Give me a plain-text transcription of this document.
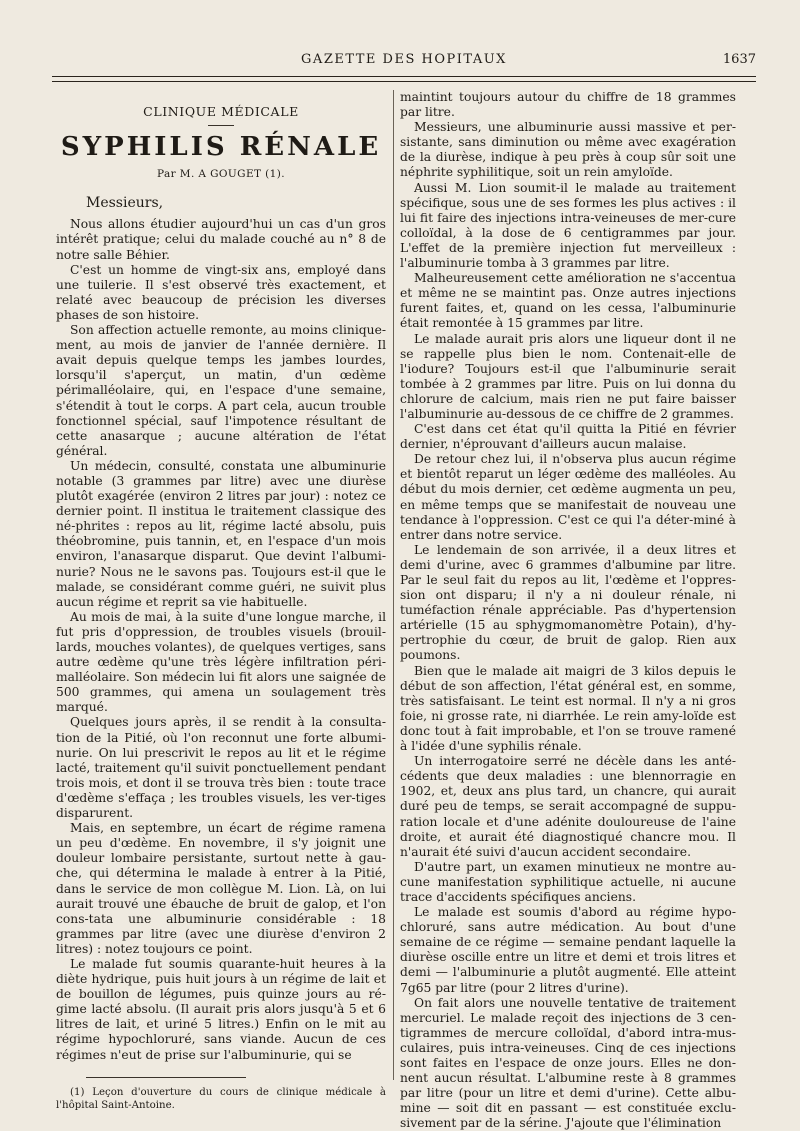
GAZETTE DES HOPITAUX	1637
CLINIQUE MÉDICALE
SYPHILIS RÉNALE
Par M. A GOUGET (1).
Messieurs,

Nous allons étudier aujourd'hui un cas d'un gros intérêt pratique; celui du malade couché au n° 8 de notre salle Béhier.

C'est un homme de vingt-six ans, employé dans une tuilerie. Il s'est observé très exactement, et relaté avec beaucoup de précision les diverses phases de son histoire.

Son affection actuelle remonte, au moins clinique-ment, au mois de janvier de l'année dernière. Il avait depuis quelque temps les jambes lourdes, lorsqu'il s'aperçut, un matin, d'un œdème périmalléolaire, qui, en l'espace d'une semaine, s'étendit à tout le corps. A part cela, aucun trouble fonctionnel spécial, sauf l'impotence résultant de cette anasarque ; aucune altération de l'état général.

Un médecin, consulté, constata une albuminurie notable (3 grammes par litre) avec une diurèse plutôt exagérée (environ 2 litres par jour) : notez ce dernier point. Il institua le traitement classique des né-phrites : repos au lit, régime lacté absolu, puis théobromine, puis tannin, et, en l'espace d'un mois environ, l'anasarque disparut. Que devint l'albumi-nurie? Nous ne le savons pas. Toujours est-il que le malade, se considérant comme guéri, ne suivit plus aucun régime et reprit sa vie habituelle.

Au mois de mai, à la suite d'une longue marche, il fut pris d'oppression, de troubles visuels (brouil-lards, mouches volantes), de quelques vertiges, sans autre œdème qu'une très légère infiltration péri-malléolaire. Son médecin lui fit alors une saignée de 500 grammes, qui amena un soulagement très marqué.

Quelques jours après, il se rendit à la consulta-tion de la Pitié, où l'on reconnut une forte albumi-nurie. On lui prescrivit le repos au lit et le régime lacté, traitement qu'il suivit ponctuellement pendant trois mois, et dont il se trouva très bien : toute trace d'œdème s'effaça ; les troubles visuels, les ver-tiges disparurent.

Mais, en septembre, un écart de régime ramena un peu d'œdème. En novembre, il s'y joignit une douleur lombaire persistante, surtout nette à gau-che, qui détermina le malade à entrer à la Pitié, dans le service de mon collègue M. Lion. Là, on lui aurait trouvé une ébauche de bruit de galop, et l'on cons-tata une albuminurie considérable : 18 grammes par litre (avec une diurèse d'environ 2 litres) : notez toujours ce point.

Le malade fut soumis quarante-huit heures à la diète hydrique, puis huit jours à un régime de lait et de bouillon de légumes, puis quinze jours au ré-gime lacté absolu. (Il aurait pris alors jusqu'à 5 et 6 litres de lait, et uriné 5 litres.) Enfin on le mit au régime hypochloruré, sans viande. Aucun de ces régimes n'eut de prise sur l'albuminurie, qui se

(1) Leçon d'ouverture du cours de clinique médicale à l'hôpital Saint-Antoine.

maintint toujours autour du chiffre de 18 grammes par litre.

Messieurs, une albuminurie aussi massive et per-sistante, sans diminution ou même avec exagération de la diurèse, indique à peu près à coup sûr soit une néphrite syphilitique, soit un rein amyloïde.

Aussi M. Lion soumit-il le malade au traitement spécifique, sous une de ses formes les plus actives : il lui fit faire des injections intra-veineuses de mer-cure colloïdal, à la dose de 6 centigrammes par jour. L'effet de la première injection fut merveilleux : l'albuminurie tomba à 3 grammes par litre.

Malheureusement cette amélioration ne s'accentua et même ne se maintint pas. Onze autres injections furent faites, et, quand on les cessa, l'albuminurie était remontée à 15 grammes par litre.

Le malade aurait pris alors une liqueur dont il ne se rappelle plus bien le nom. Contenait-elle de l'iodure? Toujours est-il que l'albuminurie serait tombée à 2 grammes par litre. Puis on lui donna du chlorure de calcium, mais rien ne put faire baisser l'albuminurie au-dessous de ce chiffre de 2 grammes.

C'est dans cet état qu'il quitta la Pitié en février dernier, n'éprouvant d'ailleurs aucun malaise.

De retour chez lui, il n'observa plus aucun régime et bientôt reparut un léger œdème des malléoles. Au début du mois dernier, cet œdème augmenta un peu, en même temps que se manifestait de nouveau une tendance à l'oppression. C'est ce qui l'a déter-miné à entrer dans notre service.

Le lendemain de son arrivée, il a deux litres et demi d'urine, avec 6 grammes d'albumine par litre. Par le seul fait du repos au lit, l'œdème et l'oppres-sion ont disparu; il n'y a ni douleur rénale, ni tuméfaction rénale appréciable. Pas d'hypertension artérielle (15 au sphygmomanomètre Potain), d'hy-pertrophie du cœur, de bruit de galop. Rien aux poumons.

Bien que le malade ait maigri de 3 kilos depuis le début de son affection, l'état général est, en somme, très satisfaisant. Le teint est normal. Il n'y a ni gros foie, ni grosse rate, ni diarrhée. Le rein amy-loïde est donc tout à fait improbable, et l'on se trouve ramené à l'idée d'une syphilis rénale.

Un interrogatoire serré ne décèle dans les anté-cédents que deux maladies : une blennorragie en 1902, et, deux ans plus tard, un chancre, qui aurait duré peu de temps, se serait accompagné de suppu-ration locale et d'une adénite douloureuse de l'aine droite, et aurait été diagnostiqué chancre mou. Il n'aurait été suivi d'aucun accident secondaire.

D'autre part, un examen minutieux ne montre au-cune manifestation syphilitique actuelle, ni aucune trace d'accidents spécifiques anciens.

Le malade est soumis d'abord au régime hypo-chloruré, sans autre médication. Au bout d'une semaine de ce régime — semaine pendant laquelle la diurèse oscille entre un litre et demi et trois litres et demi — l'albuminurie a plutôt augmenté. Elle atteint 7g65 par litre (pour 2 litres d'urine).

On fait alors une nouvelle tentative de traitement mercuriel. Le malade reçoit des injections de 3 cen-tigrammes de mercure colloïdal, d'abord intra-mus-culaires, puis intra-veineuses. Cinq de ces injections sont faites en l'espace de onze jours. Elles ne don-nent aucun résultat. L'albumine reste à 8 grammes par litre (pour un litre et demi d'urine). Cette albu-mine — soit dit en passant — est constituée exclu-sivement par de la sérine. J'ajoute que l'élimination
